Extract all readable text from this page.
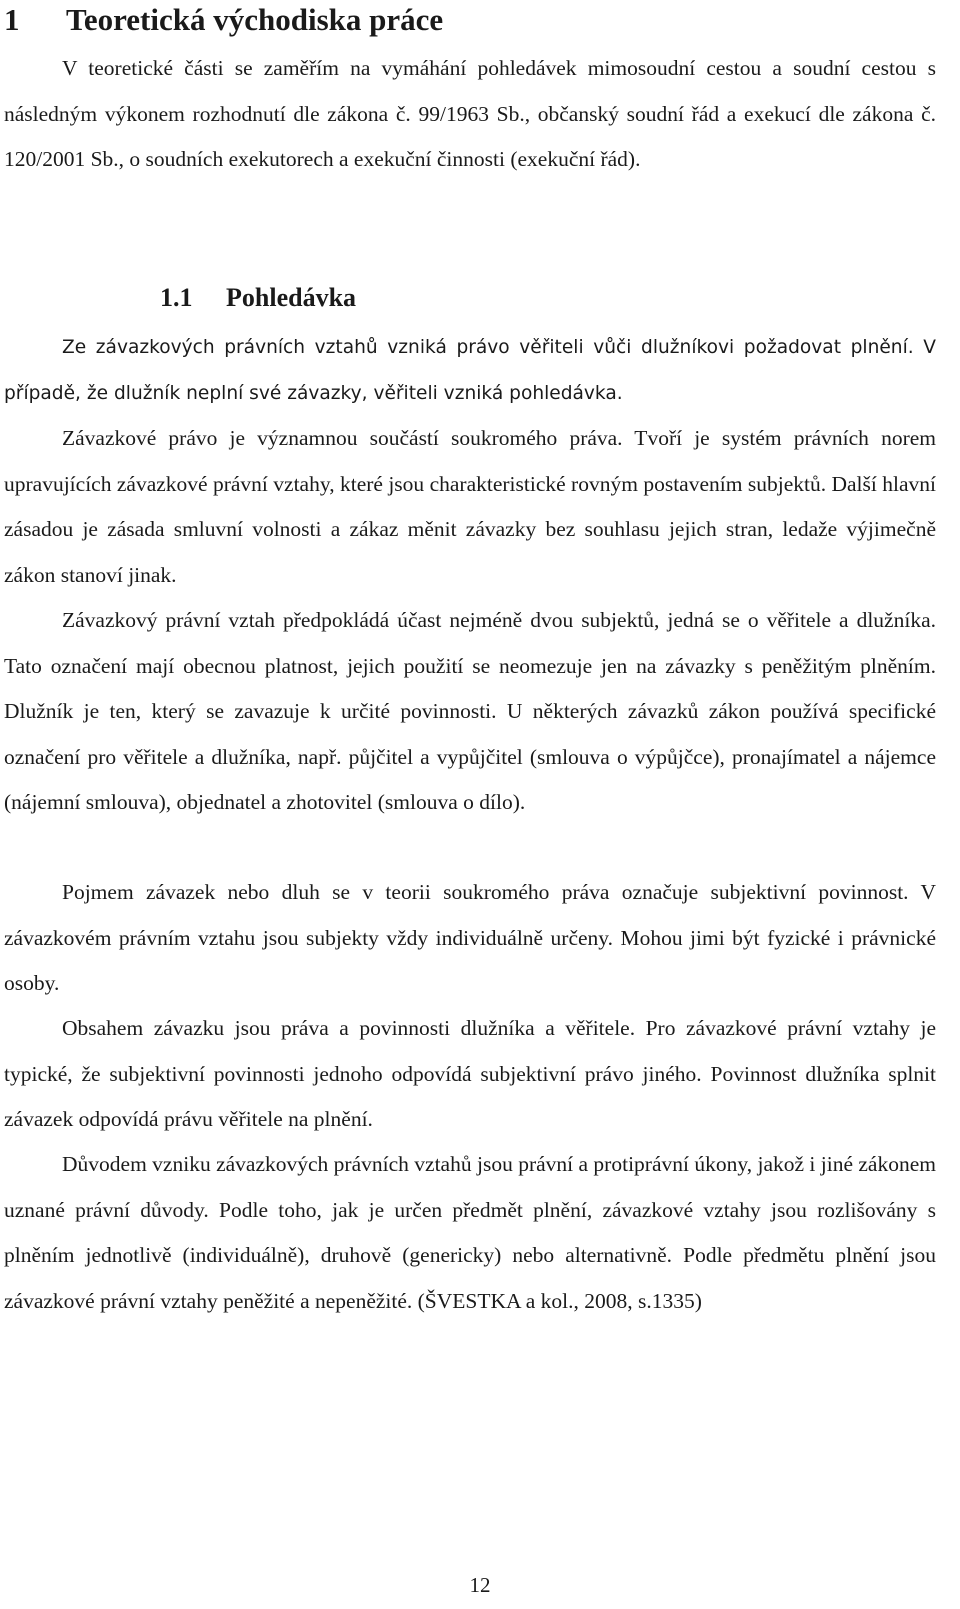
1 Teoretická východiska práce

V teoretické části se zaměřím na vymáhání pohledávek mimosoudní cestou a soudní cestou s následným výkonem rozhodnutí dle zákona č. 99/1963 Sb., občanský soudní řád a exekucí dle zákona č. 120/2001 Sb., o soudních exekutorech a exekuční činnosti (exekuční řád).

1.1 Pohledávka

Ze závazkových právních vztahů vzniká právo věřiteli vůči dlužníkovi požadovat plnění. V případě, že dlužník neplní své závazky, věřiteli vzniká pohledávka.

Závazkové právo je významnou součástí soukromého práva. Tvoří je systém právních norem upravujících závazkové právní vztahy, které jsou charakteristické rovným postavením subjektů. Další hlavní zásadou je zásada smluvní volnosti a zákaz měnit závazky bez souhlasu jejich stran, ledaže výjimečně zákon stanoví jinak.

Závazkový právní vztah předpokládá účast nejméně dvou subjektů, jedná se o věřitele a dlužníka. Tato označení mají obecnou platnost, jejich použití se neomezuje jen na závazky s peněžitým plněním. Dlužník je ten, který se zavazuje k určité povinnosti. U některých závazků zákon používá specifické označení pro věřitele a dlužníka, např. půjčitel a vypůjčitel (smlouva o výpůjčce), pronajímatel a nájemce (nájemní smlouva), objednatel a zhotovitel (smlouva o dílo).

Pojmem závazek nebo dluh se v teorii soukromého práva označuje subjektivní povinnost. V závazkovém právním vztahu jsou subjekty vždy individuálně určeny. Mohou jimi být fyzické i právnické osoby.

Obsahem závazku jsou práva a povinnosti dlužníka a věřitele. Pro závazkové právní vztahy je typické, že subjektivní povinnosti jednoho odpovídá subjektivní právo jiného. Povinnost dlužníka splnit závazek odpovídá právu věřitele na plnění.

Důvodem vzniku závazkových právních vztahů jsou právní a protiprávní úkony, jakož i jiné zákonem uznané právní důvody. Podle toho, jak je určen předmět plnění, závazkové vztahy jsou rozlišovány s plněním jednotlivě (individuálně), druhově (genericky) nebo alternativně. Podle předmětu plnění jsou závazkové právní vztahy peněžité a nepeněžité. (ŠVESTKA a kol., 2008, s.1335)

12
